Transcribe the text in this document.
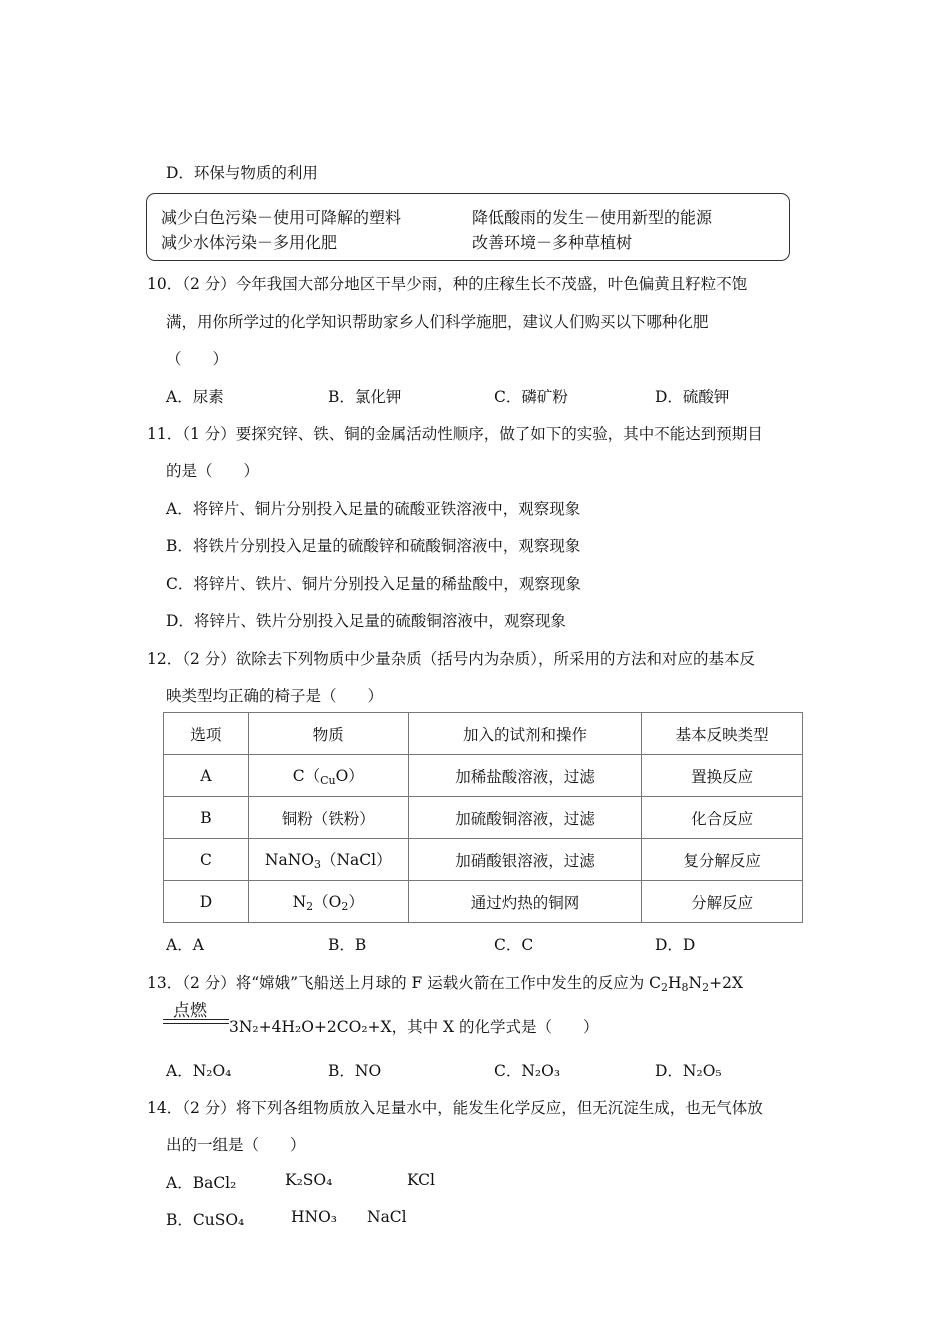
D．环保与物质的利用
减少白色污染－使用可降解的塑料	降低酸雨的发生－使用新型的能源
减少水体污染－多用化肥	改善环境－多种草植树
10．（2 分）今年我国大部分地区干旱少雨，种的庄稼生长不茂盛，叶色偏黄且籽粒不饱
满，用你所学过的化学知识帮助家乡人们科学施肥，建议人们购买以下哪种化肥
（　　）
A．尿素	B．氯化钾	C．磷矿粉	D．硫酸钾
11．（1 分）要探究锌、铁、铜的金属活动性顺序，做了如下的实验，其中不能达到预期目
的是（　　）
A．将锌片、铜片分别投入足量的硫酸亚铁溶液中，观察现象
B．将铁片分别投入足量的硫酸锌和硫酸铜溶液中，观察现象
C．将锌片、铁片、铜片分别投入足量的稀盐酸中，观察现象
D．将锌片、铁片分别投入足量的硫酸铜溶液中，观察现象
12．（2 分）欲除去下列物质中少量杂质（括号内为杂质），所采用的方法和对应的基本反
映类型均正确的椅子是（　　）
选项	物质	加入的试剂和操作	基本反映类型
A	$C(_{Cu}O)$	加稀盐酸溶液，过滤	置换反应
B	铜粉（铁粉）	加硫酸铜溶液，过滤	化合反应
C	NaNO$_3$（NaCl）	加硝酸银溶液，过滤	复分解反应
D	$N_2(O_2)$	通过灼热的铜网	分解反应
A．A	B．B	C．C	D．D
13．（2 分）将“嫦娥”飞船送上月球的 F 运载火箭在工作中发生的反应为 $C_2H_8N_2+2X$
点燃
3N₂+4H₂O+2CO₂+X，其中 X 的化学式是（　　）
A．N₂O₄	B．NO	C．N₂O₃	D．N₂O₅
14．（2 分）将下列各组物质放入足量水中，能发生化学反应，但无沉淀生成，也无气体放
出的一组是（　　）
A．BaCl₂	K₂SO₄	KCl
B．CuSO₄	HNO₃ NaCl
